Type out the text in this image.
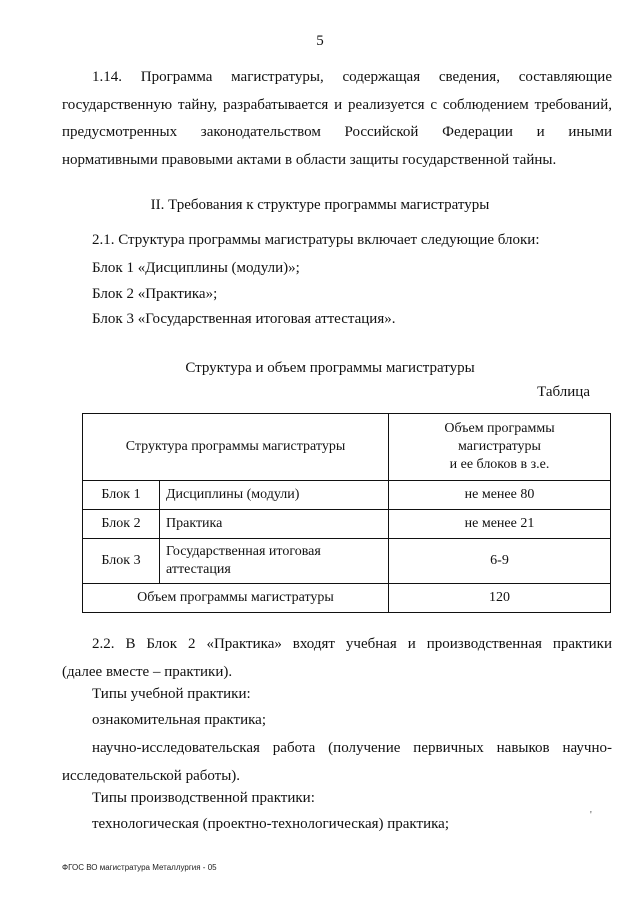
5
1.14. Программа магистратуры, содержащая сведения, составляющие
государственную тайну, разрабатывается и реализуется с соблюдением требований,
предусмотренных законодательством Российской Федерации и иными
нормативными правовыми актами в области защиты государственной тайны.
II. Требования к структуре программы магистратуры
2.1. Структура программы магистратуры включает следующие блоки:
Блок 1 «Дисциплины (модули)»;
Блок 2 «Практика»;
Блок 3 «Государственная итоговая аттестация».
Структура и объем программы магистратуры
Таблица
Структура программы магистратуры		Объем программы
магистратуры
и ее блоков в з.е.

Блок 1	Дисциплины (модули)	не менее 80
Блок 2	Практика	не менее 21
Блок 3	Государственная итоговая
аттестация	6-9
Объем программы магистратуры		120
2.2. В Блок 2 «Практика» входят учебная и производственная практики
(далее вместе – практики).
Типы учебной практики:
ознакомительная практика;
научно-исследовательская работа (получение первичных навыков научно-
исследовательской работы).
Типы производственной практики:
технологическая (проектно-технологическая) практика;
'
ФГОС ВО магистратура Металлургия - 05
